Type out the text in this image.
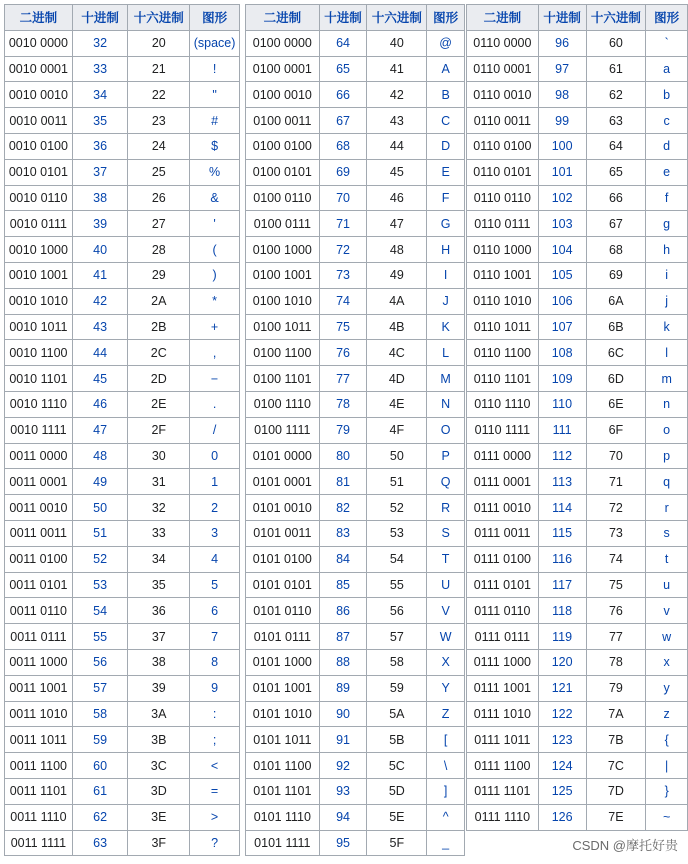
二进制	十进制	十六进制	图形
0010 0000	32	20	(space)
0010 0001	33	21	!
0010 0010	34	22	"
0010 0011	35	23	#
0010 0100	36	24	$
0010 0101	37	25	%
0010 0110	38	26	&
0010 0111	39	27	'
0010 1000	40	28	(
0010 1001	41	29	)
0010 1010	42	2A	*
0010 1011	43	2B	+
0010 1100	44	2C	,
0010 1101	45	2D	−
0010 1110	46	2E	.
0010 1111	47	2F	/
0011 0000	48	30	0
0011 0001	49	31	1
0011 0010	50	32	2
0011 0011	51	33	3
0011 0100	52	34	4
0011 0101	53	35	5
0011 0110	54	36	6
0011 0111	55	37	7
0011 1000	56	38	8
0011 1001	57	39	9
0011 1010	58	3A	:
0011 1011	59	3B	;
0011 1100	60	3C	<
0011 1101	61	3D	=
0011 1110	62	3E	>
0011 1111	63	3F	?
二进制	十进制	十六进制	图形
0100 0000	64	40	@
0100 0001	65	41	A
0100 0010	66	42	B
0100 0011	67	43	C
0100 0100	68	44	D
0100 0101	69	45	E
0100 0110	70	46	F
0100 0111	71	47	G
0100 1000	72	48	H
0100 1001	73	49	I
0100 1010	74	4A	J
0100 1011	75	4B	K
0100 1100	76	4C	L
0100 1101	77	4D	M
0100 1110	78	4E	N
0100 1111	79	4F	O
0101 0000	80	50	P
0101 0001	81	51	Q
0101 0010	82	52	R
0101 0011	83	53	S
0101 0100	84	54	T
0101 0101	85	55	U
0101 0110	86	56	V
0101 0111	87	57	W
0101 1000	88	58	X
0101 1001	89	59	Y
0101 1010	90	5A	Z
0101 1011	91	5B	[
0101 1100	92	5C	\
0101 1101	93	5D	]
0101 1110	94	5E	^
0101 1111	95	5F	_
二进制	十进制	十六进制	图形
0110 0000	96	60	`
0110 0001	97	61	a
0110 0010	98	62	b
0110 0011	99	63	c
0110 0100	100	64	d
0110 0101	101	65	e
0110 0110	102	66	f
0110 0111	103	67	g
0110 1000	104	68	h
0110 1001	105	69	i
0110 1010	106	6A	j
0110 1011	107	6B	k
0110 1100	108	6C	l
0110 1101	109	6D	m
0110 1110	110	6E	n
0110 1111	111	6F	o
0111 0000	112	70	p
0111 0001	113	71	q
0111 0010	114	72	r
0111 0011	115	73	s
0111 0100	116	74	t
0111 0101	117	75	u
0111 0110	118	76	v
0111 0111	119	77	w
0111 1000	120	78	x
0111 1001	121	79	y
0111 1010	122	7A	z
0111 1011	123	7B	{
0111 1100	124	7C	|
0111 1101	125	7D	}
0111 1110	126	7E	~
CSDN @摩托好贵
